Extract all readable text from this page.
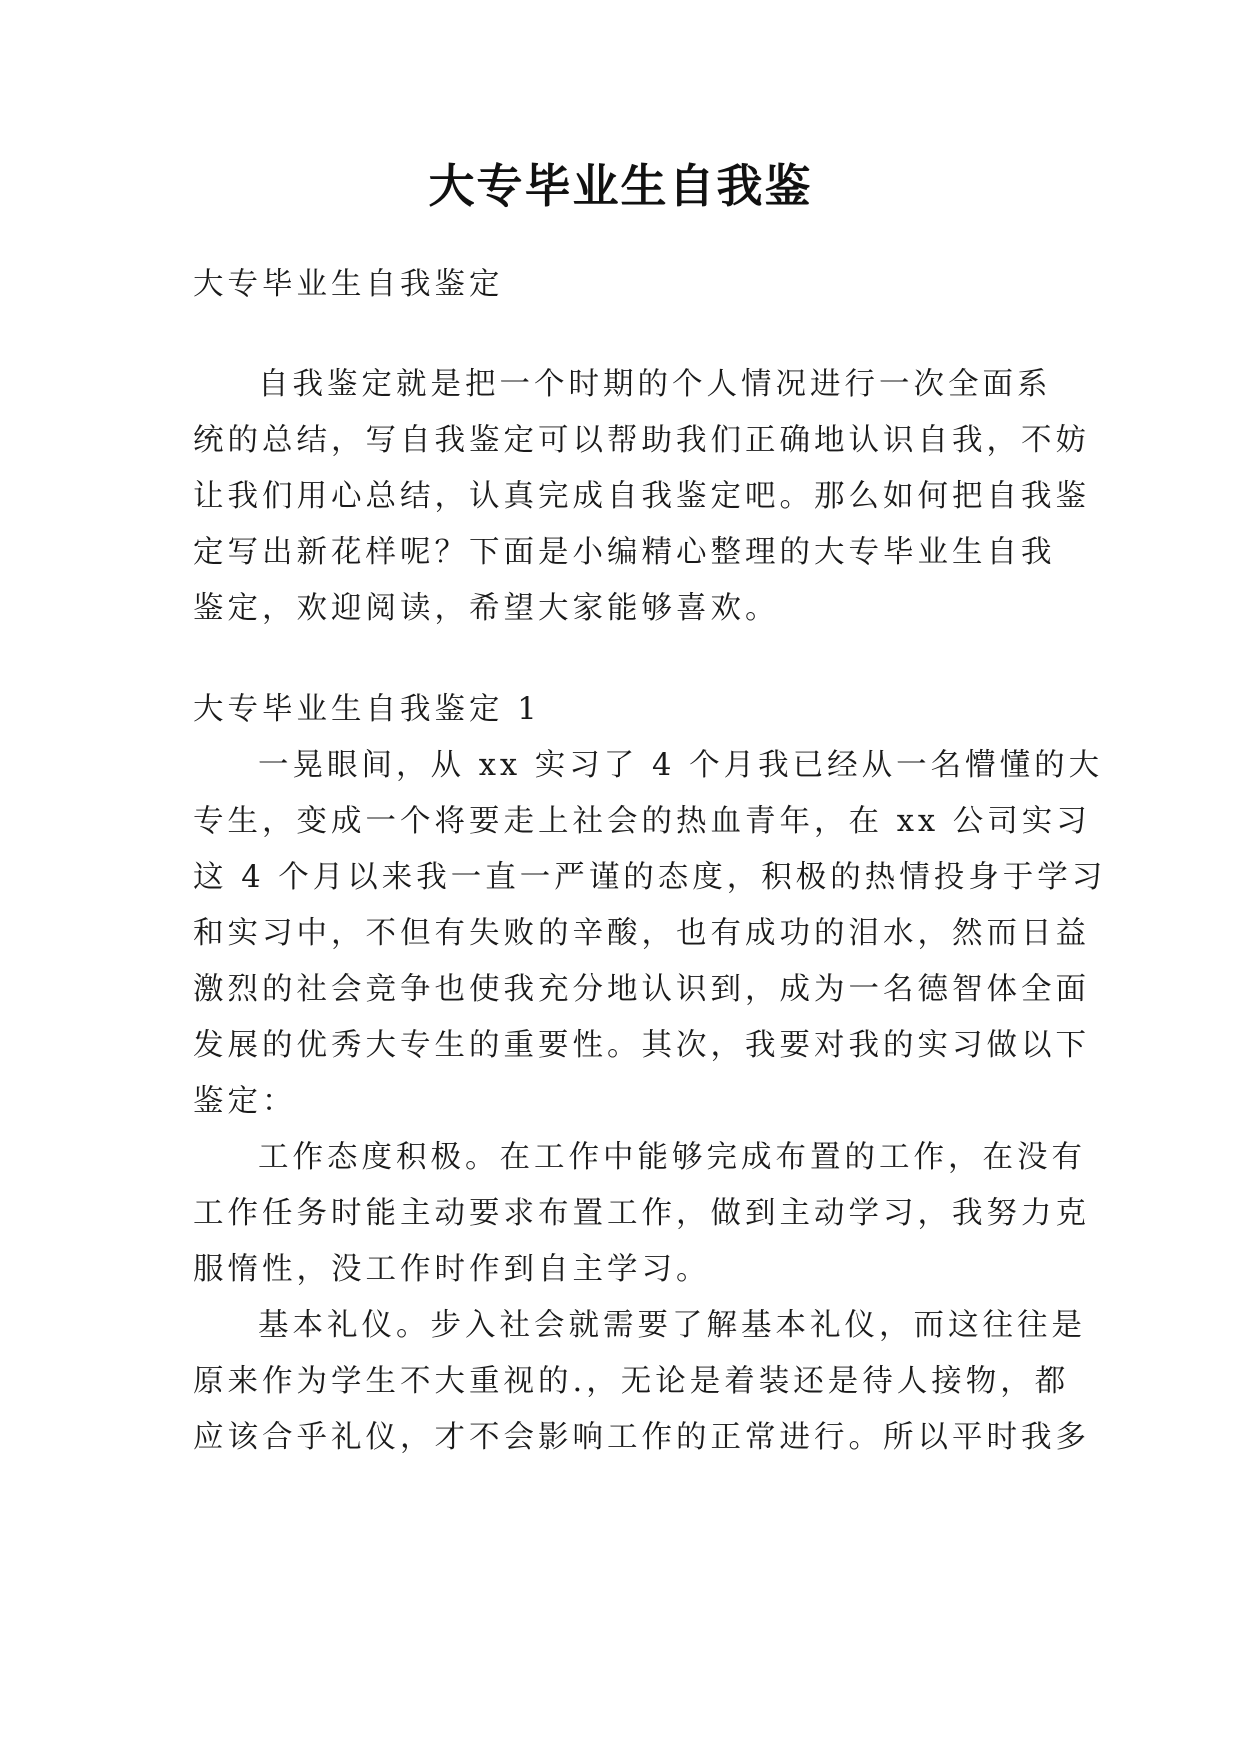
大专毕业生自我鉴

大专毕业生自我鉴定

自我鉴定就是把一个时期的个人情况进行一次全面系

统的总结，写自我鉴定可以帮助我们正确地认识自我，不妨

让我们用心总结，认真完成自我鉴定吧。那么如何把自我鉴

定写出新花样呢？下面是小编精心整理的大专毕业生自我

鉴定，欢迎阅读，希望大家能够喜欢。

大专毕业生自我鉴定 1

一晃眼间，从 xx 实习了 4 个月我已经从一名懵懂的大

专生，变成一个将要走上社会的热血青年，在 xx 公司实习

这 4 个月以来我一直一严谨的态度，积极的热情投身于学习

和实习中，不但有失败的辛酸，也有成功的泪水，然而日益

激烈的社会竞争也使我充分地认识到，成为一名德智体全面

发展的优秀大专生的重要性。其次，我要对我的实习做以下

鉴定：

工作态度积极。在工作中能够完成布置的工作，在没有

工作任务时能主动要求布置工作，做到主动学习，我努力克

服惰性，没工作时作到自主学习。

基本礼仪。步入社会就需要了解基本礼仪，而这往往是

原来作为学生不大重视的.，无论是着装还是待人接物，都

应该合乎礼仪，才不会影响工作的正常进行。所以平时我多
